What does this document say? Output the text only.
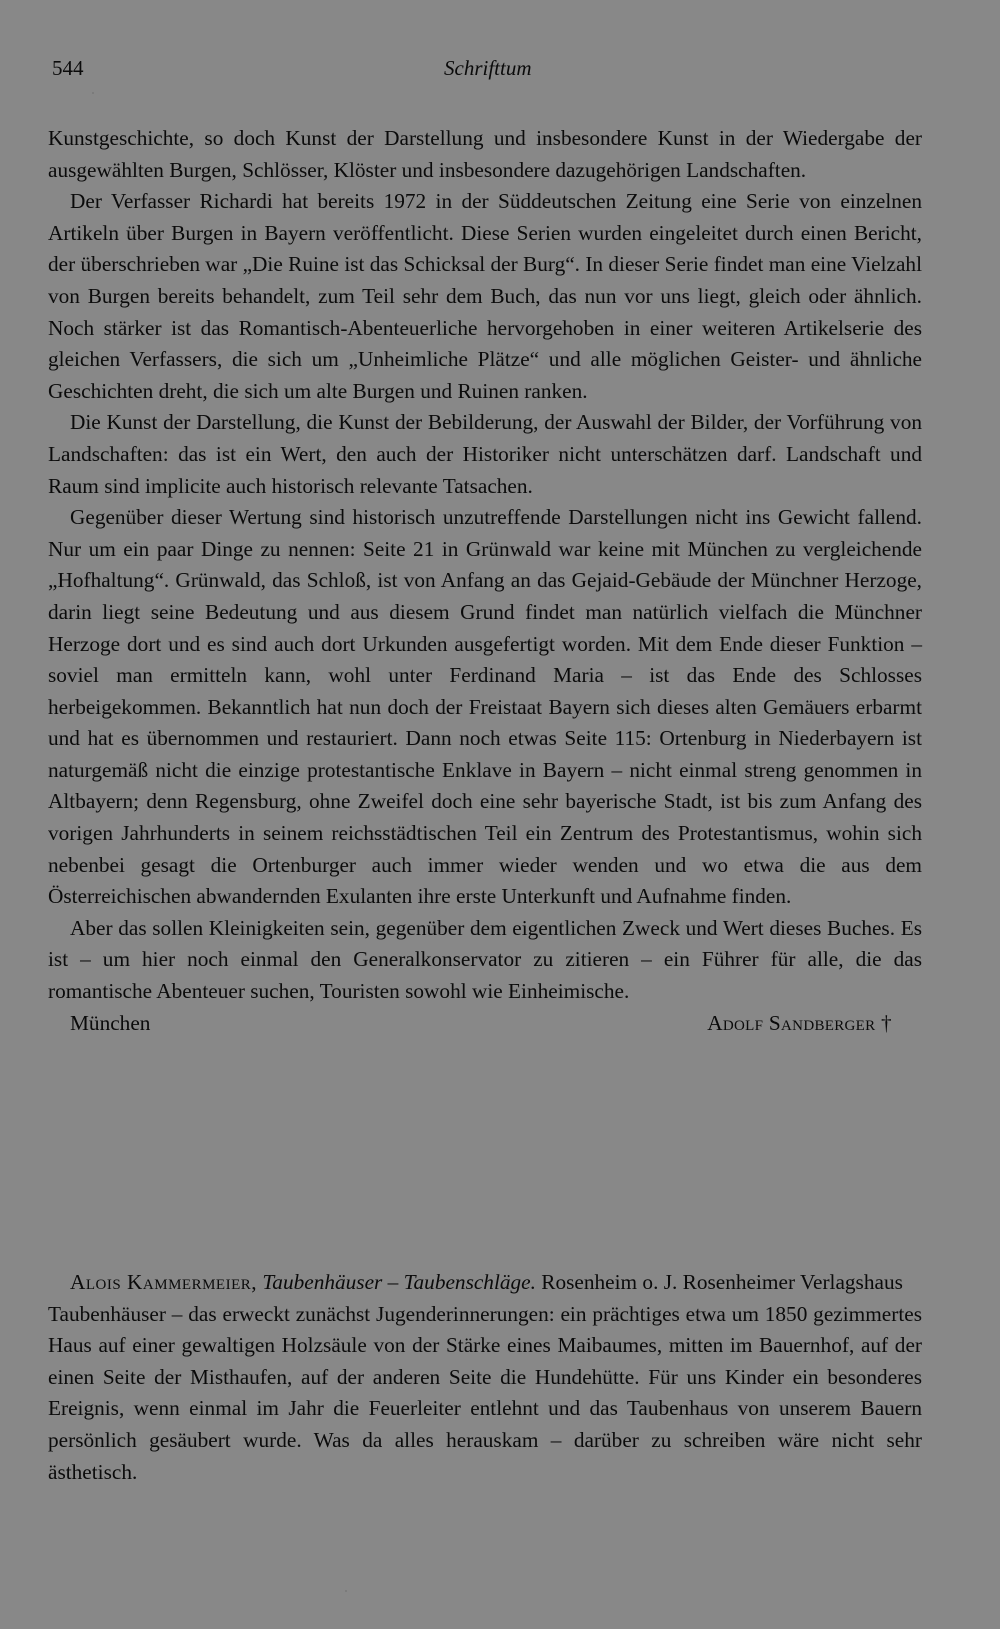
544	Schrifttum

Kunstgeschichte, so doch Kunst der Darstellung und insbesondere Kunst in der Wiedergabe der ausgewählten Burgen, Schlösser, Klöster und insbesondere dazugehörigen Landschaften.

Der Verfasser Richardi hat bereits 1972 in der Süddeutschen Zeitung eine Serie von einzelnen Artikeln über Burgen in Bayern veröffentlicht. Diese Serien wurden eingeleitet durch einen Bericht, der überschrieben war „Die Ruine ist das Schicksal der Burg“. In dieser Serie findet man eine Vielzahl von Burgen bereits behandelt, zum Teil sehr dem Buch, das nun vor uns liegt, gleich oder ähnlich. Noch stärker ist das Romantisch-Abenteuerliche hervorgehoben in einer weiteren Artikelserie des gleichen Verfassers, die sich um „Unheimliche Plätze“ und alle möglichen Geister- und ähnliche Geschichten dreht, die sich um alte Burgen und Ruinen ranken.

Die Kunst der Darstellung, die Kunst der Bebilderung, der Auswahl der Bilder, der Vorführung von Landschaften: das ist ein Wert, den auch der Historiker nicht unterschätzen darf. Landschaft und Raum sind implicite auch historisch relevante Tatsachen.

Gegenüber dieser Wertung sind historisch unzutreffende Darstellungen nicht ins Gewicht fallend. Nur um ein paar Dinge zu nennen: Seite 21 in Grünwald war keine mit München zu vergleichende „Hofhaltung“. Grünwald, das Schloß, ist von Anfang an das Gejaid-Gebäude der Münchner Herzoge, darin liegt seine Bedeutung und aus diesem Grund findet man natürlich vielfach die Münchner Herzoge dort und es sind auch dort Urkunden ausgefertigt worden. Mit dem Ende dieser Funktion – soviel man ermitteln kann, wohl unter Ferdinand Maria – ist das Ende des Schlosses herbeigekommen. Bekanntlich hat nun doch der Freistaat Bayern sich dieses alten Gemäuers erbarmt und hat es übernommen und restauriert. Dann noch etwas Seite 115: Ortenburg in Niederbayern ist naturgemäß nicht die einzige protestantische Enklave in Bayern – nicht einmal streng genommen in Altbayern; denn Regensburg, ohne Zweifel doch eine sehr bayerische Stadt, ist bis zum Anfang des vorigen Jahrhunderts in seinem reichsstädtischen Teil ein Zentrum des Protestantismus, wohin sich nebenbei gesagt die Ortenburger auch immer wieder wenden und wo etwa die aus dem Österreichischen abwandernden Exulanten ihre erste Unterkunft und Aufnahme finden.

Aber das sollen Kleinigkeiten sein, gegenüber dem eigentlichen Zweck und Wert dieses Buches. Es ist – um hier noch einmal den Generalkonservator zu zitieren – ein Führer für alle, die das romantische Abenteuer suchen, Touristen sowohl wie Einheimische.

München	Adolf Sandberger †

Alois Kammermeier, Taubenhäuser – Taubenschläge. Rosenheim o. J. Rosenheimer Verlagshaus

Taubenhäuser – das erweckt zunächst Jugenderinnerungen: ein prächtiges etwa um 1850 gezimmertes Haus auf einer gewaltigen Holzsäule von der Stärke eines Maibaumes, mitten im Bauernhof, auf der einen Seite der Misthaufen, auf der anderen Seite die Hundehütte. Für uns Kinder ein besonderes Ereignis, wenn einmal im Jahr die Feuerleiter entlehnt und das Taubenhaus von unserem Bauern persönlich gesäubert wurde. Was da alles herauskam – darüber zu schreiben wäre nicht sehr ästhetisch.
